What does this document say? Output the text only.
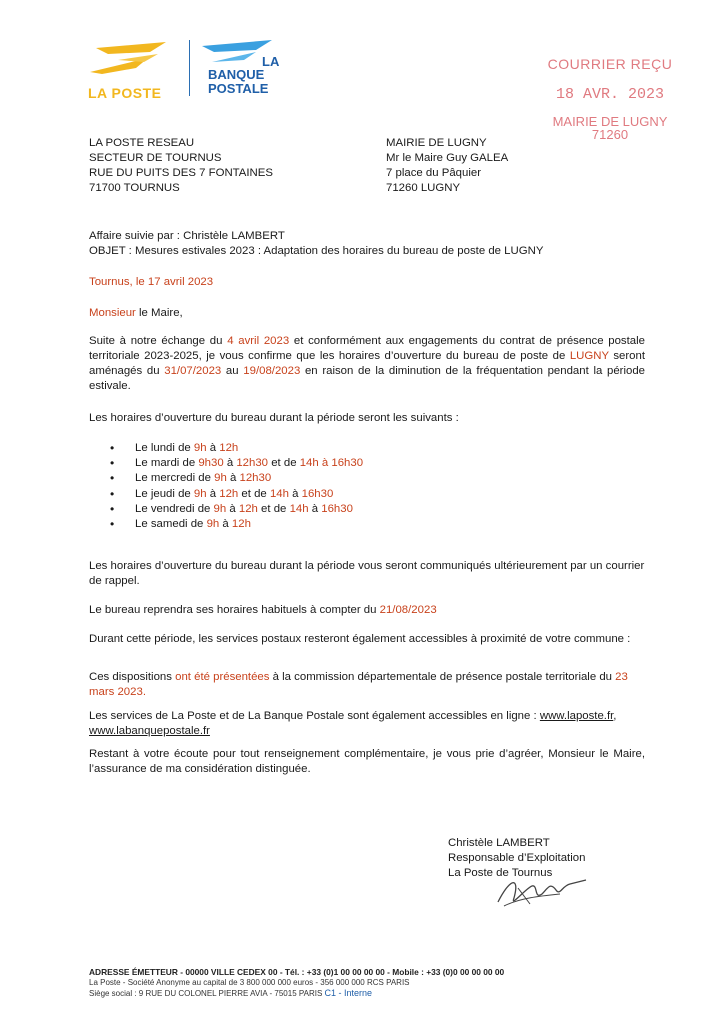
LA POSTE
LA
BANQUE
POSTALE
COURRIER REÇU
18 AVR. 2023
MAIRIE DE LUGNY
71260
LA POSTE RESEAU
SECTEUR DE TOURNUS
RUE DU PUITS DES 7 FONTAINES
71700 TOURNUS
MAIRIE DE LUGNY
Mr le Maire Guy GALEA
7 place du Pâquier
71260 LUGNY
Affaire suivie par : Christèle LAMBERT
OBJET : Mesures estivales 2023 : Adaptation des horaires du bureau de poste de LUGNY
Tournus, le 17 avril 2023
Monsieur le Maire,
Suite à notre échange du 4 avril 2023 et conformément aux engagements du contrat de présence postale territoriale 2023-2025, je vous confirme que les horaires d’ouverture du bureau de poste de LUGNY seront aménagés du 31/07/2023 au 19/08/2023 en raison de la diminution de la fréquentation pendant la période estivale.
Les horaires d’ouverture du bureau durant la période seront les suivants :
• Le lundi de 9h à 12h
• Le mardi de 9h30 à 12h30 et de 14h à 16h30
• Le mercredi de 9h à 12h30
• Le jeudi de 9h à 12h et de 14h à 16h30
• Le vendredi de 9h à 12h et de 14h à 16h30
• Le samedi de 9h à 12h
Les horaires d’ouverture du bureau durant la période vous seront communiqués ultérieurement par un courrier de rappel.
Le bureau reprendra ses horaires habituels à compter du 21/08/2023
Durant cette période, les services postaux resteront également accessibles à proximité de votre commune :
Ces dispositions ont été présentées à la commission départementale de présence postale territoriale du 23 mars 2023.
Les services de La Poste et de La Banque Postale sont également accessibles en ligne : www.laposte.fr, www.labanquepostale.fr
Restant à votre écoute pour tout renseignement complémentaire, je vous prie d’agréer, Monsieur le Maire, l’assurance de ma considération distinguée.
Christèle LAMBERT
Responsable d’Exploitation
La Poste de Tournus
ADRESSE ÉMETTEUR - 00000 VILLE CEDEX 00 - Tél. : +33 (0)1 00 00 00 00 - Mobile : +33 (0)0 00 00 00 00
La Poste - Société Anonyme au capital de 3 800 000 000 euros - 356 000 000 RCS PARIS
Siège social : 9 RUE DU COLONEL PIERRE AVIA - 75015 PARIS C1 - Interne
